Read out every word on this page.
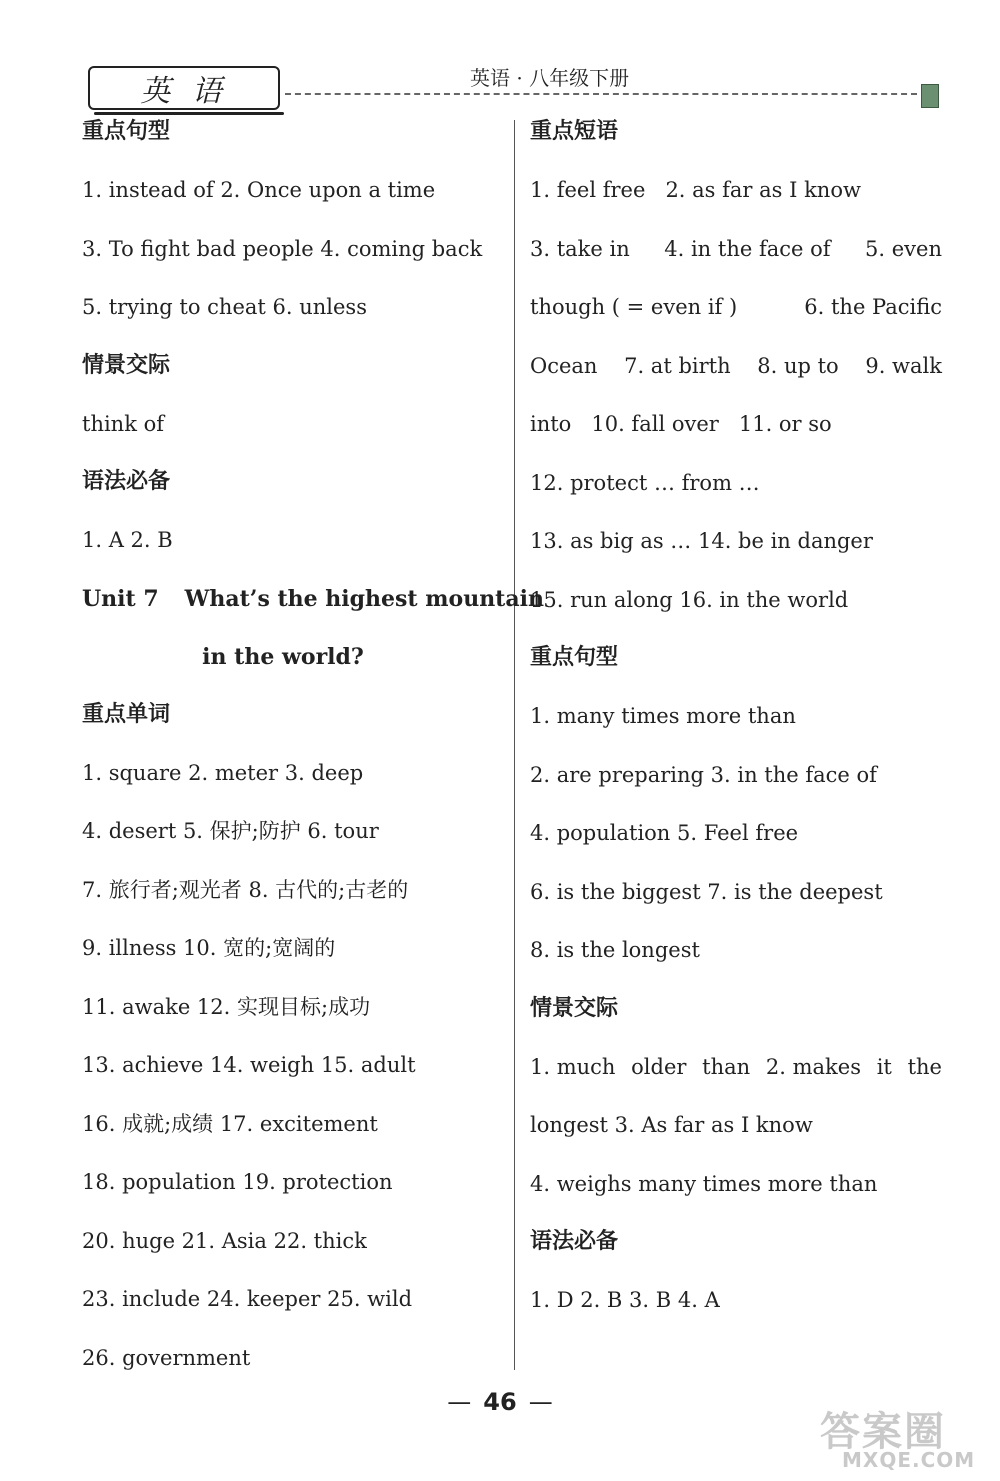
英 语	英语 · 八年级下册
重点句型
1. instead of 2. Once upon a time
3. To fight bad people 4. coming back
5. trying to cheat 6. unless
情景交际
think of
语法必备
1. A 2. B
Unit 7 What’s the highest mountain
in the world?
重点单词
1. square 2. meter 3. deep
4. desert 5. 保护;防护 6. tour
7. 旅行者;观光者 8. 古代的;古老的
9. illness 10. 宽的;宽阔的
11. awake 12. 实现目标;成功
13. achieve 14. weigh 15. adult
16. 成就;成绩 17. excitement
18. population 19. protection
20. huge 21. Asia 22. thick
23. include 24. keeper 25. wild
26. government
重点短语
1. feel free 2. as far as I know
3. take in 4. in the face of 5. even
though ( = even if )	6. the Pacific
Ocean 7. at birth 8. up to 9. walk
into 10. fall over 11. or so
12. protect … from …
13. as big as … 14. be in danger
15. run along 16. in the world
重点句型
1. many times more than
2. are preparing 3. in the face of
4. population 5. Feel free
6. is the biggest 7. is the deepest
8. is the longest
情景交际
1. much older than 2. makes it the
longest 3. As far as I know
4. weighs many times more than
语法必备
1. D 2. B 3. B 4. A
— 46 —
答案圈
MXQE.COM
